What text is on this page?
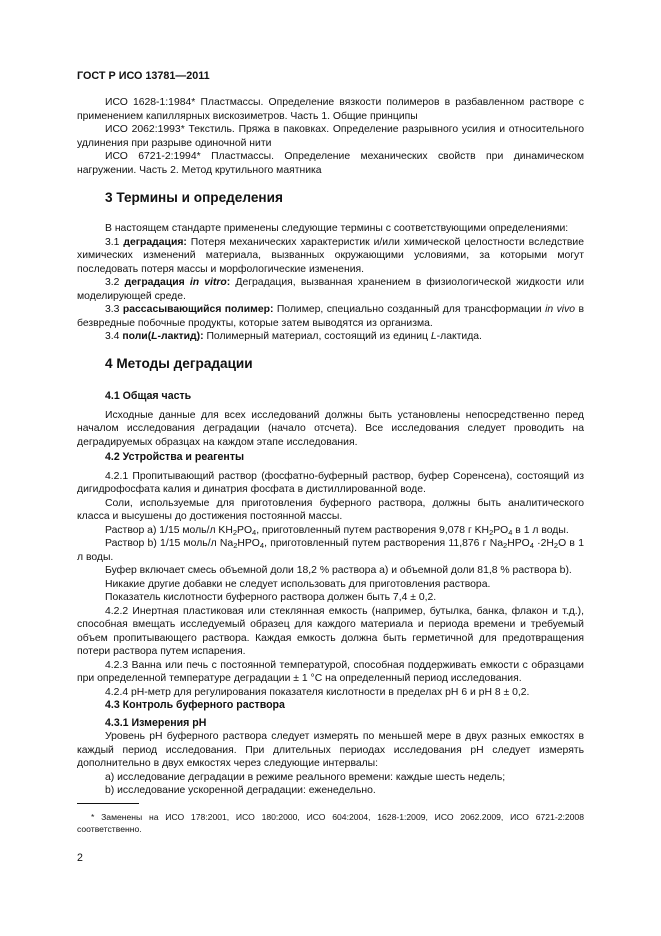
ГОСТ Р ИСО 13781—2011

ИСО 1628-1:1984* Пластмассы. Определение вязкости полимеров в разбавленном растворе с применением капиллярных вискозиметров. Часть 1. Общие принципы

ИСО 2062:1993* Текстиль. Пряжа в паковках. Определение разрывного усилия и относительного удлинения при разрыве одиночной нити

ИСО 6721-2:1994* Пластмассы. Определение механических свойств при динамическом нагружении. Часть 2. Метод крутильного маятника

3 Термины и определения

В настоящем стандарте применены следующие термины с соответствующими определениями:

3.1 деградация: Потеря механических характеристик и/или химической целостности вследствие химических изменений материала, вызванных окружающими условиями, за которыми могут последовать потеря массы и морфологические изменения.

3.2 деградация in vitro: Деградация, вызванная хранением в физиологической жидкости или моделирующей среде.

3.3 рассасывающийся полимер: Полимер, специально созданный для трансформации in vivo в безвредные побочные продукты, которые затем выводятся из организма.

3.4 поли(L-лактид): Полимерный материал, состоящий из единиц L-лактида.

4 Методы деградации

4.1 Общая часть

Исходные данные для всех исследований должны быть установлены непосредственно перед началом исследования деградации (начало отсчета). Все исследования следует проводить на деградируемых образцах на каждом этапе исследования.

4.2 Устройства и реагенты

4.2.1 Пропитывающий раствор (фосфатно-буферный раствор, буфер Соренсена), состоящий из дигидрофосфата калия и динатрия фосфата в дистиллированной воде.

Соли, используемые для приготовления буферного раствора, должны быть аналитического класса и высушены до достижения постоянной массы.

Раствор а) 1/15 моль/л $KH_2PO_4$, приготовленный путем растворения 9,078 г $KH_2PO_4$ в 1 л воды.

Раствор b) 1/15 моль/л $Na_2HPO_4$, приготовленный путем растворения 11,876 г $Na_2HPO_4 \cdot 2H_2O$ в 1 л воды.

Буфер включает смесь объемной доли 18,2 % раствора а) и объемной доли 81,8 % раствора b).

Никакие другие добавки не следует использовать для приготовления раствора.

Показатель кислотности буферного раствора должен быть 7,4 ± 0,2.

4.2.2 Инертная пластиковая или стеклянная емкость (например, бутылка, банка, флакон и т.д.), способная вмещать исследуемый образец для каждого материала и периода времени и требуемый объем пропитывающего раствора. Каждая емкость должна быть герметичной для предотвращения потери раствора путем испарения.

4.2.3 Ванна или печь с постоянной температурой, способная поддерживать емкости с образцами при определенной температуре деградации ± 1 °С на определенный период исследования.

4.2.4 рН-метр для регулирования показателя кислотности в пределах рН 6 и рН 8 ± 0,2.

4.3 Контроль буферного раствора

4.3.1 Измерения рН

Уровень рН буферного раствора следует измерять по меньшей мере в двух разных емкостях в каждый период исследования. При длительных периодах исследования рН следует измерять дополнительно в двух емкостях через следующие интервалы:

а) исследование деградации в режиме реального времени: каждые шесть недель;

b) исследование ускоренной деградации: еженедельно.

* Заменены на ИСО 178:2001, ИСО 180:2000, ИСО 604:2004, 1628-1:2009, ИСО 2062.2009, ИСО 6721-2:2008 соответственно.
2
